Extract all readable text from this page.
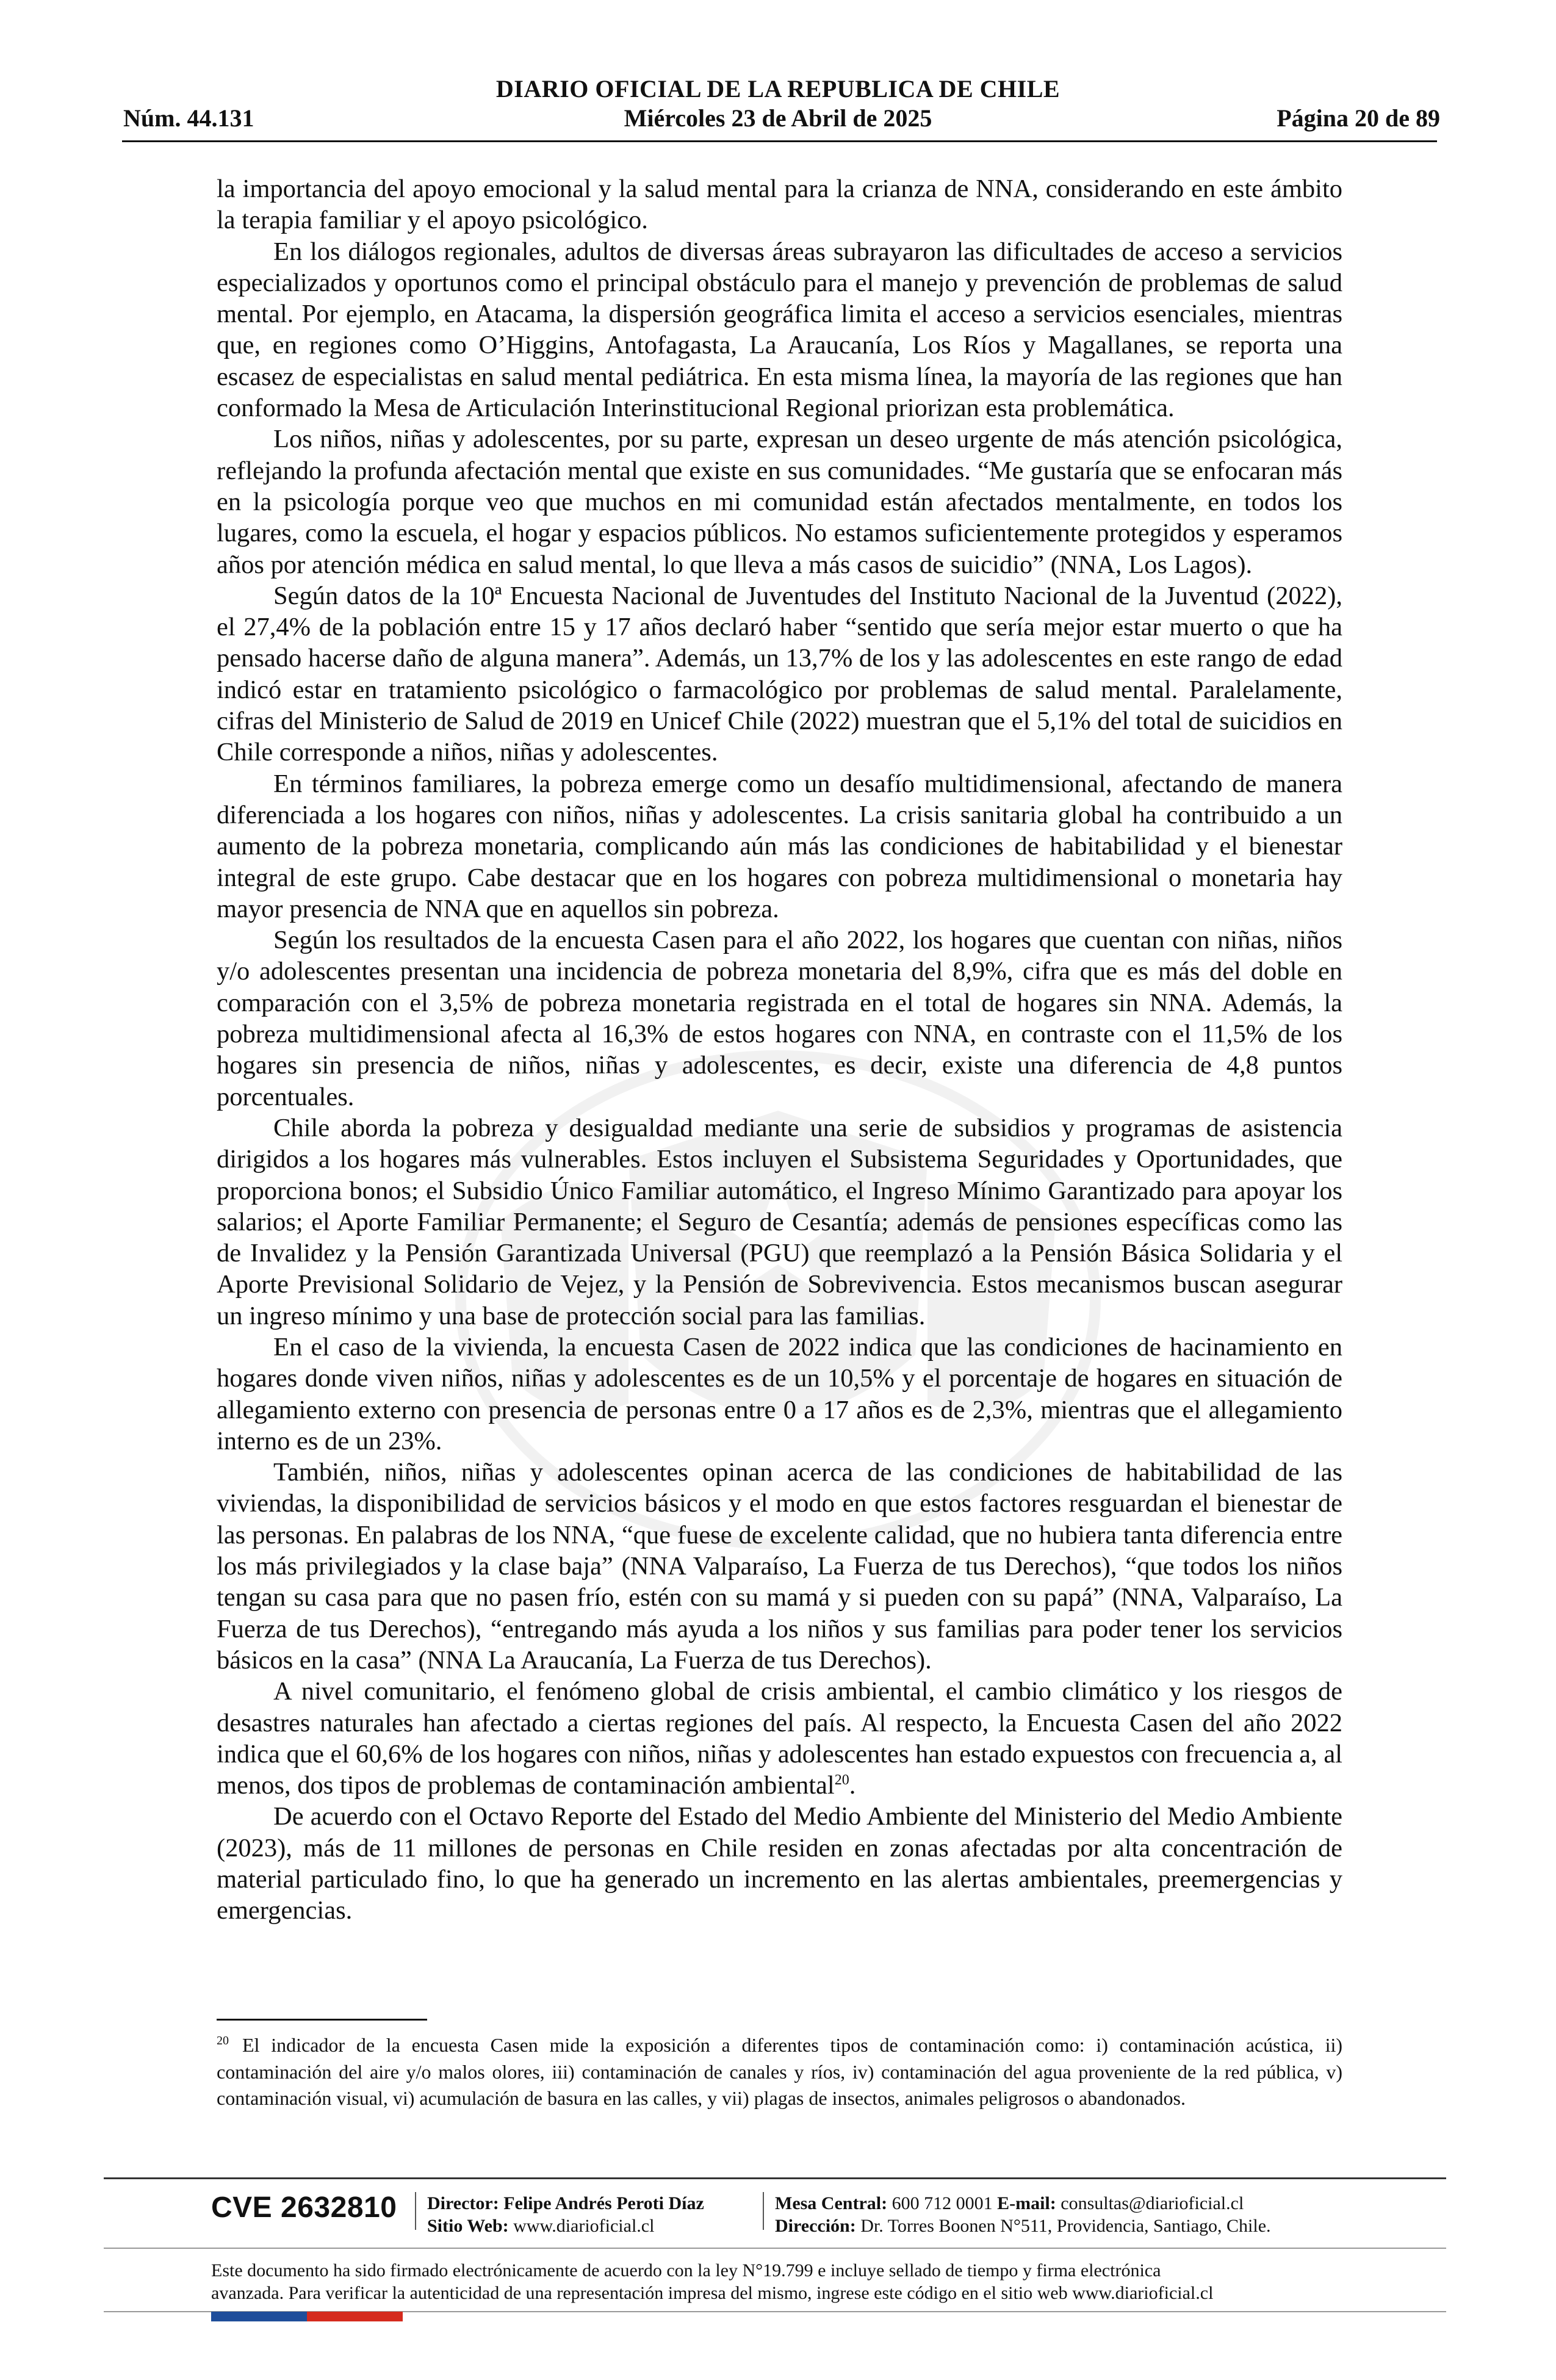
DIARIO OFICIAL DE LA REPUBLICA DE CHILE
Núm. 44.131	Miércoles 23 de Abril de 2025	Página 20 de 89

la importancia del apoyo emocional y la salud mental para la crianza de NNA, considerando en este ámbito la terapia familiar y el apoyo psicológico.

En los diálogos regionales, adultos de diversas áreas subrayaron las dificultades de acceso a servicios especializados y oportunos como el principal obstáculo para el manejo y prevención de problemas de salud mental. Por ejemplo, en Atacama, la dispersión geográfica limita el acceso a servicios esenciales, mientras que, en regiones como O’Higgins, Antofagasta, La Araucanía, Los Ríos y Magallanes, se reporta una escasez de especialistas en salud mental pediátrica. En esta misma línea, la mayoría de las regiones que han conformado la Mesa de Articulación Interinstitucional Regional priorizan esta problemática.

Los niños, niñas y adolescentes, por su parte, expresan un deseo urgente de más atención psicológica, reflejando la profunda afectación mental que existe en sus comunidades. “Me gustaría que se enfocaran más en la psicología porque veo que muchos en mi comunidad están afectados mentalmente, en todos los lugares, como la escuela, el hogar y espacios públicos. No estamos suficientemente protegidos y esperamos años por atención médica en salud mental, lo que lleva a más casos de suicidio” (NNA, Los Lagos).

Según datos de la 10ª Encuesta Nacional de Juventudes del Instituto Nacional de la Juventud (2022), el 27,4% de la población entre 15 y 17 años declaró haber “sentido que sería mejor estar muerto o que ha pensado hacerse daño de alguna manera”. Además, un 13,7% de los y las adolescentes en este rango de edad indicó estar en tratamiento psicológico o farmacológico por problemas de salud mental. Paralelamente, cifras del Ministerio de Salud de 2019 en Unicef Chile (2022) muestran que el 5,1% del total de suicidios en Chile corresponde a niños, niñas y adolescentes.

En términos familiares, la pobreza emerge como un desafío multidimensional, afectando de manera diferenciada a los hogares con niños, niñas y adolescentes. La crisis sanitaria global ha contribuido a un aumento de la pobreza monetaria, complicando aún más las condiciones de habitabilidad y el bienestar integral de este grupo. Cabe destacar que en los hogares con pobreza multidimensional o monetaria hay mayor presencia de NNA que en aquellos sin pobreza.

Según los resultados de la encuesta Casen para el año 2022, los hogares que cuentan con niñas, niños y/o adolescentes presentan una incidencia de pobreza monetaria del 8,9%, cifra que es más del doble en comparación con el 3,5% de pobreza monetaria registrada en el total de hogares sin NNA. Además, la pobreza multidimensional afecta al 16,3% de estos hogares con NNA, en contraste con el 11,5% de los hogares sin presencia de niños, niñas y adolescentes, es decir, existe una diferencia de 4,8 puntos porcentuales.

Chile aborda la pobreza y desigualdad mediante una serie de subsidios y programas de asistencia dirigidos a los hogares más vulnerables. Estos incluyen el Subsistema Seguridades y Oportunidades, que proporciona bonos; el Subsidio Único Familiar automático, el Ingreso Mínimo Garantizado para apoyar los salarios; el Aporte Familiar Permanente; el Seguro de Cesantía; además de pensiones específicas como las de Invalidez y la Pensión Garantizada Universal (PGU) que reemplazó a la Pensión Básica Solidaria y el Aporte Previsional Solidario de Vejez, y la Pensión de Sobrevivencia. Estos mecanismos buscan asegurar un ingreso mínimo y una base de protección social para las familias.

En el caso de la vivienda, la encuesta Casen de 2022 indica que las condiciones de hacinamiento en hogares donde viven niños, niñas y adolescentes es de un 10,5% y el porcentaje de hogares en situación de allegamiento externo con presencia de personas entre 0 a 17 años es de 2,3%, mientras que el allegamiento interno es de un 23%.

También, niños, niñas y adolescentes opinan acerca de las condiciones de habitabilidad de las viviendas, la disponibilidad de servicios básicos y el modo en que estos factores resguardan el bienestar de las personas. En palabras de los NNA, “que fuese de excelente calidad, que no hubiera tanta diferencia entre los más privilegiados y la clase baja” (NNA Valparaíso, La Fuerza de tus Derechos), “que todos los niños tengan su casa para que no pasen frío, estén con su mamá y si pueden con su papá” (NNA, Valparaíso, La Fuerza de tus Derechos), “entregando más ayuda a los niños y sus familias para poder tener los servicios básicos en la casa” (NNA La Araucanía, La Fuerza de tus Derechos).

A nivel comunitario, el fenómeno global de crisis ambiental, el cambio climático y los riesgos de desastres naturales han afectado a ciertas regiones del país. Al respecto, la Encuesta Casen del año 2022 indica que el 60,6% de los hogares con niños, niñas y adolescentes han estado expuestos con frecuencia a, al menos, dos tipos de problemas de contaminación ambiental$^{20}$.

De acuerdo con el Octavo Reporte del Estado del Medio Ambiente del Ministerio del Medio Ambiente (2023), más de 11 millones de personas en Chile residen en zonas afectadas por alta concentración de material particulado fino, lo que ha generado un incremento en las alertas ambientales, preemergencias y emergencias.

$^{20}$ El indicador de la encuesta Casen mide la exposición a diferentes tipos de contaminación como: i) contaminación acústica, ii) contaminación del aire y/o malos olores, iii) contaminación de canales y ríos, iv) contaminación del agua proveniente de la red pública, v) contaminación visual, vi) acumulación de basura en las calles, y vii) plagas de insectos, animales peligrosos o abandonados.
CVE 2632810 Director: Felipe Andrés Peroti Díaz
Sitio Web: www.diarioficial.cl
Mesa Central: 600 712 0001 E-mail: consultas@diarioficial.cl
Dirección: Dr. Torres Boonen N°511, Providencia, Santiago, Chile.
Este documento ha sido firmado electrónicamente de acuerdo con la ley N°19.799 e incluye sellado de tiempo y firma electrónica
avanzada. Para verificar la autenticidad de una representación impresa del mismo, ingrese este código en el sitio web www.diarioficial.cl
